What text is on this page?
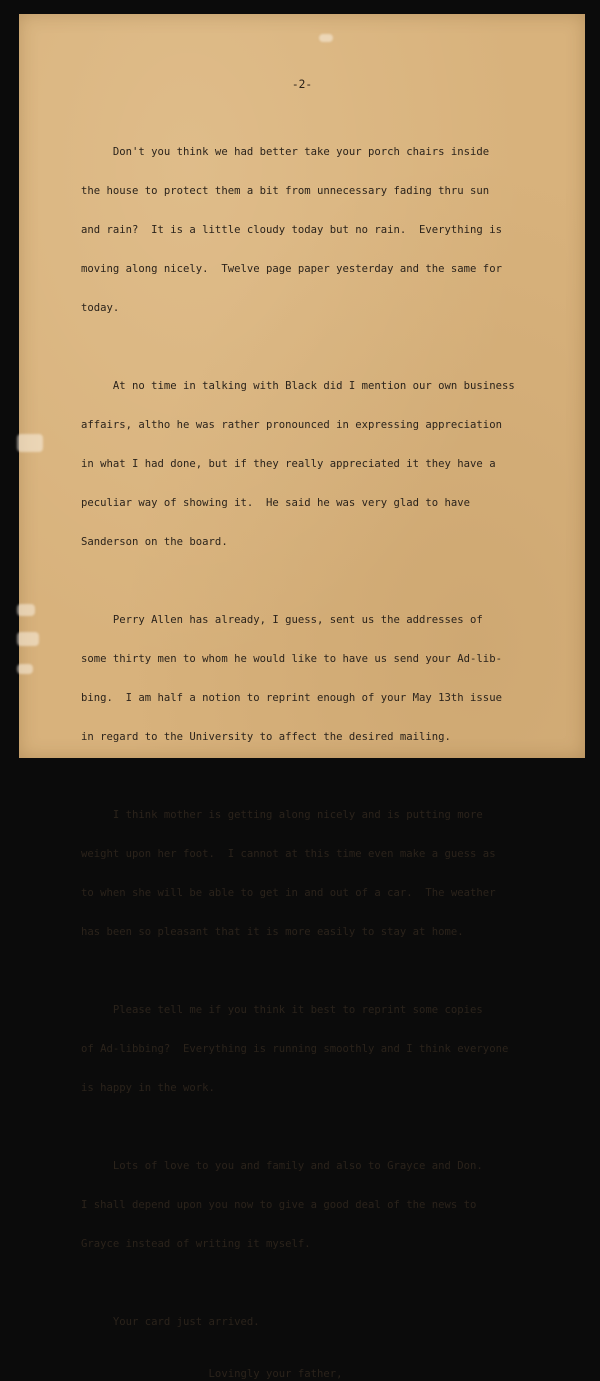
-2-

Don't you think we had better take your porch chairs inside

the house to protect them a bit from unnecessary fading thru sun

and rain?  It is a little cloudy today but no rain.  Everything is

moving along nicely.  Twelve page paper yesterday and the same for

today.

At no time in talking with Black did I mention our own business

affairs, altho he was rather pronounced in expressing appreciation

in what I had done, but if they really appreciated it they have a

peculiar way of showing it.  He said he was very glad to have

Sanderson on the board.

Perry Allen has already, I guess, sent us the addresses of

some thirty men to whom he would like to have us send your Ad-lib-

bing.  I am half a notion to reprint enough of your May 13th issue

in regard to the University to affect the desired mailing.

I think mother is getting along nicely and is putting more

weight upon her foot.  I cannot at this time even make a guess as

to when she will be able to get in and out of a car.  The weather

has been so pleasant that it is more easily to stay at home.

Please tell me if you think it best to reprint some copies

of Ad-libbing?  Everything is running smoothly and I think everyone

is happy in the work.

Lots of love to you and family and also to Grayce and Don.

I shall depend upon you now to give a good deal of the news to

Grayce instead of writing it myself.

Your card just arrived.

Lovingly your father,
